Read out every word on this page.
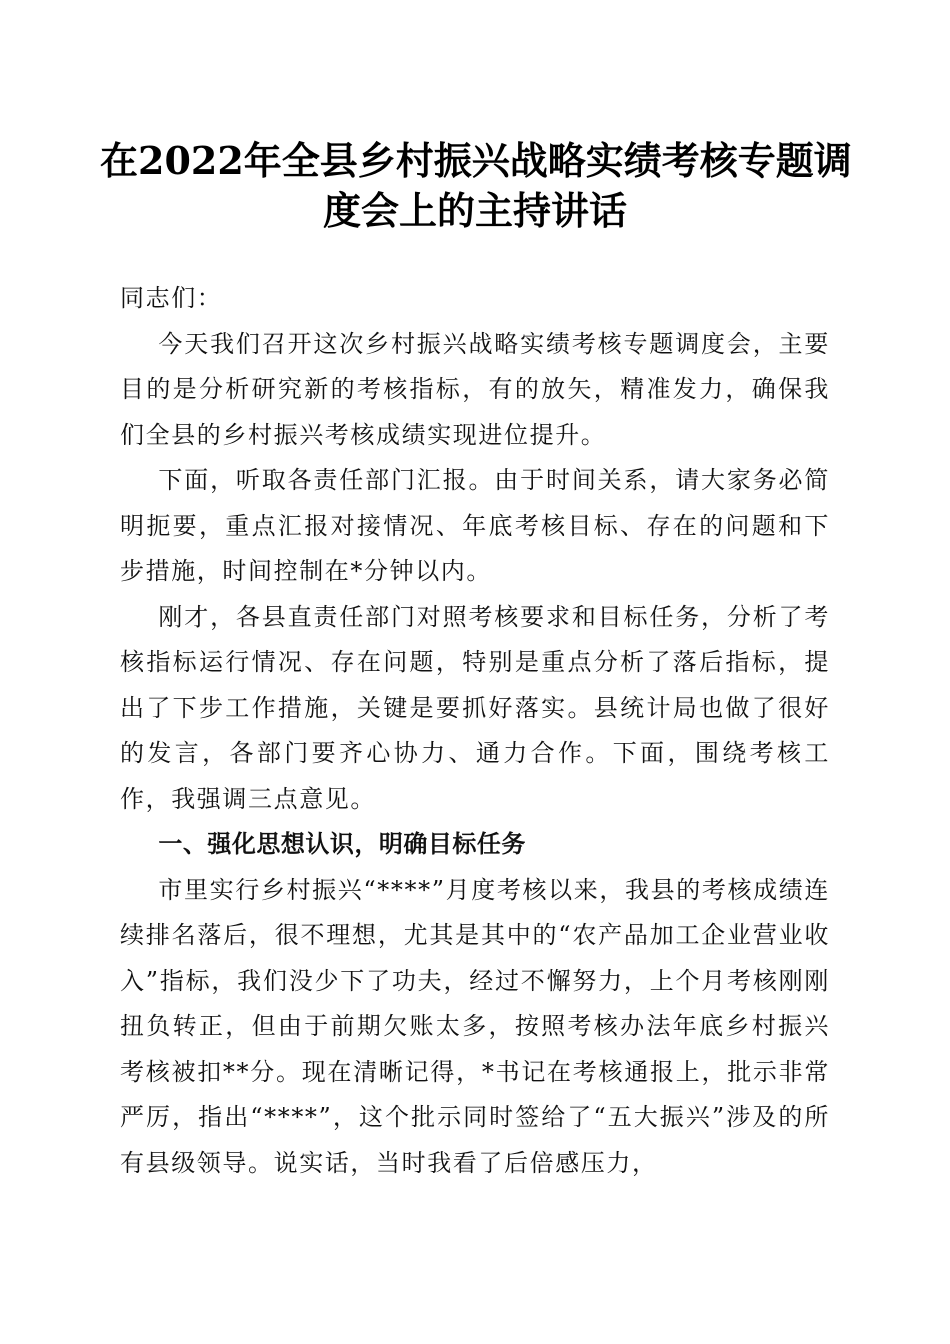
在2022年全县乡村振兴战略实绩考核专题调
度会上的主持讲话

同志们：

今天我们召开这次乡村振兴战略实绩考核专题调度会，主要目的是分析研究新的考核指标，有的放矢，精准发力，确保我们全县的乡村振兴考核成绩实现进位提升。

下面，听取各责任部门汇报。由于时间关系，请大家务必简明扼要，重点汇报对接情况、年底考核目标、存在的问题和下步措施，时间控制在*分钟以内。

刚才，各县直责任部门对照考核要求和目标任务，分析了考核指标运行情况、存在问题，特别是重点分析了落后指标，提出了下步工作措施，关键是要抓好落实。县统计局也做了很好的发言，各部门要齐心协力、通力合作。下面，围绕考核工作，我强调三点意见。

一、强化思想认识，明确目标任务

市里实行乡村振兴“****”月度考核以来，我县的考核成绩连续排名落后，很不理想，尤其是其中的“农产品加工企业营业收入”指标，我们没少下了功夫，经过不懈努力，上个月考核刚刚扭负转正，但由于前期欠账太多，按照考核办法年底乡村振兴考核被扣**分。现在清晰记得，*书记在考核通报上，批示非常严厉，指出“****”，这个批示同时签给了“五大振兴”涉及的所有县级领导。说实话，当时我看了后倍感压力，
